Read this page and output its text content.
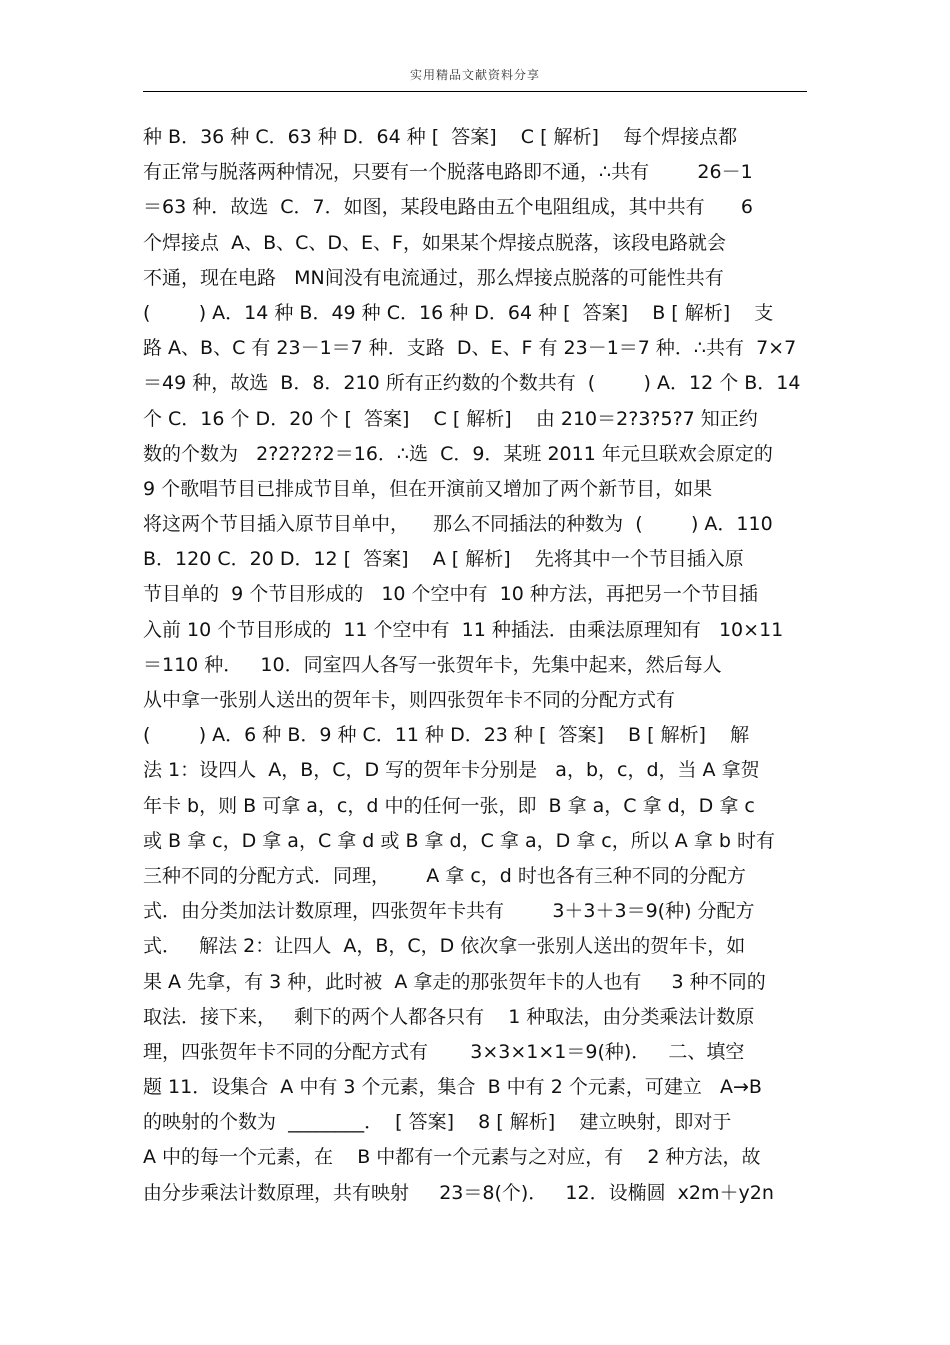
实用精品文献资料分享
种 B．36 种 C．63 种 D．64 种 [  答案]    C [ 解析]    每个焊接点都
有正常与脱落两种情况，只要有一个脱落电路即不通，∴共有        26－1
＝63 种．故选  C．7．如图，某段电路由五个电阻组成，其中共有      6
个焊接点  A、B、C、D、E、F，如果某个焊接点脱落，该段电路就会
不通，现在电路   MN间没有电流通过，那么焊接点脱落的可能性共有
(        ) A．14 种 B．49 种 C．16 种 D．64 种 [  答案]    B [ 解析]    支
路 A、B、C 有 23－1＝7 种．支路  D、E、F 有 23－1＝7 种．∴共有  7×7
＝49 种，故选  B．8．210 所有正约数的个数共有  (        ) A．12 个 B．14
个 C．16 个 D．20 个 [  答案]    C [ 解析]    由 210＝2?3?5?7 知正约
数的个数为   2?2?2?2＝16．∴选  C．9．某班 2011 年元旦联欢会原定的
9 个歌唱节目已排成节目单，但在开演前又增加了两个新节目，如果
将这两个节目插入原节目单中，    那么不同插法的种数为  (        ) A．110
B．120 C．20 D．12 [  答案]    A [ 解析]    先将其中一个节目插入原
节目单的  9 个节目形成的   10 个空中有  10 种方法，再把另一个节目插
入前 10 个节目形成的  11 个空中有  11 种插法．由乘法原理知有   10×11
＝110 种．   10．同室四人各写一张贺年卡，先集中起来，然后每人
从中拿一张别人送出的贺年卡，则四张贺年卡不同的分配方式有
(        ) A．6 种 B．9 种 C．11 种 D．23 种 [  答案]    B [ 解析]    解
法 1：设四人  A，B，C，D 写的贺年卡分别是   a，b，c，d，当 A 拿贺
年卡 b，则 B 可拿 a，c，d 中的任何一张，即  B 拿 a，C 拿 d，D 拿 c
或 B 拿 c，D 拿 a，C 拿 d 或 B 拿 d，C 拿 a，D 拿 c，所以 A 拿 b 时有
三种不同的分配方式．同理，      A 拿 c，d 时也各有三种不同的分配方
式．由分类加法计数原理，四张贺年卡共有        3＋3＋3＝9(种) 分配方
式．   解法 2：让四人  A，B，C，D 依次拿一张别人送出的贺年卡，如
果 A 先拿，有 3 种，此时被  A 拿走的那张贺年卡的人也有     3 种不同的
取法．接下来，   剩下的两个人都各只有    1 种取法，由分类乘法计数原
理，四张贺年卡不同的分配方式有       3×3×1×1＝9(种)．   二、填空
题 11．设集合  A 中有 3 个元素，集合  B 中有 2 个元素，可建立   A→B
的映射的个数为  ________．  [ 答案]    8 [ 解析]    建立映射，即对于
A 中的每一个元素，在    B 中都有一个元素与之对应，有    2 种方法，故
由分步乘法计数原理，共有映射     23＝8(个)．   12．设椭圆  x2m＋y2n
